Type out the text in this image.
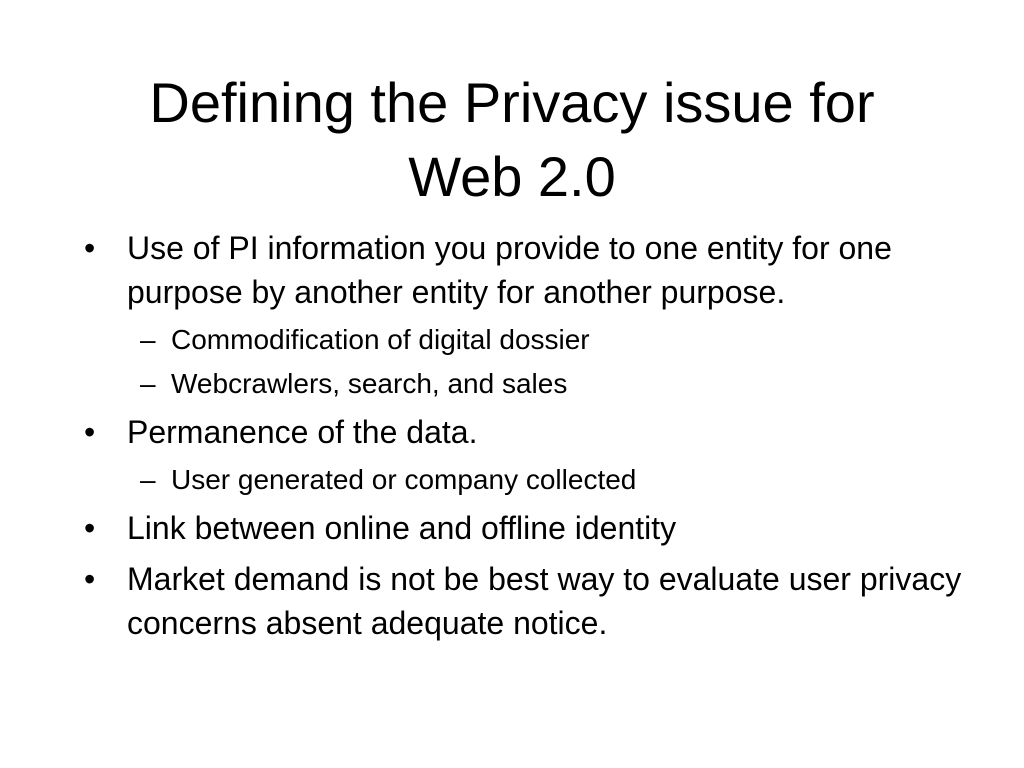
Defining the Privacy issue for
Web 2.0
• Use of PI information you provide to one entity for one purpose by another entity for another purpose.
– Commodification of digital dossier
– Webcrawlers, search, and sales
• Permanence of the data.
– User generated or company collected
• Link between online and offline identity
• Market demand is not be best way to evaluate user privacy concerns absent adequate notice.
